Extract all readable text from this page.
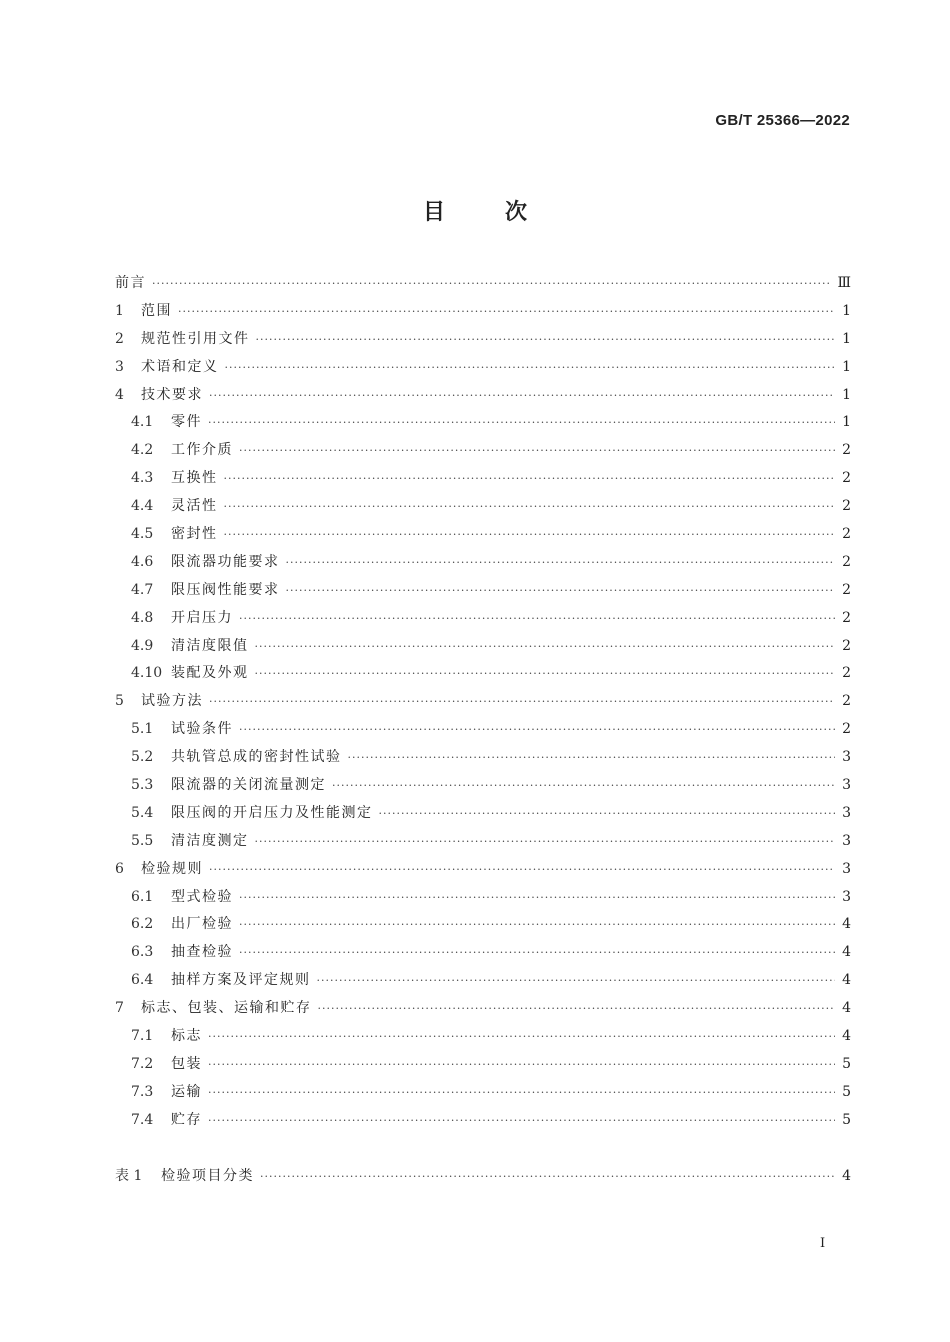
GB/T 25366—2022
目	次
前言 ·····	Ⅲ
1	范围 ·····	1
2	规范性引用文件 ·····	1
3	术语和定义 ·····	1
4	技术要求 ·····	1
4.1	零件 ·····	1
4.2	工作介质 ·····	2
4.3	互换性 ·····	2
4.4	灵活性 ·····	2
4.5	密封性 ·····	2
4.6	限流器功能要求 ·····	2
4.7	限压阀性能要求 ·····	2
4.8	开启压力 ·····	2
4.9	清洁度限值 ·····	2
4.10 装配及外观 ·····	2
5	试验方法 ·····	2
5.1	试验条件 ·····	2
5.2	共轨管总成的密封性试验 ·····	3
5.3	限流器的关闭流量测定 ·····	3
5.4	限压阀的开启压力及性能测定 ·····	3
5.5	清洁度测定 ·····	3
6	检验规则 ·····	3
6.1	型式检验 ·····	3
6.2	出厂检验 ·····	4
6.3	抽查检验 ·····	4
6.4	抽样方案及评定规则 ·····	4
7	标志、包装、运输和贮存 ·····	4
7.1	标志 ·····	4
7.2	包装 ·····	5
7.3	运输 ·····	5
7.4	贮存 ·····	5
表 1	检验项目分类 ·····	4
Ⅰ
